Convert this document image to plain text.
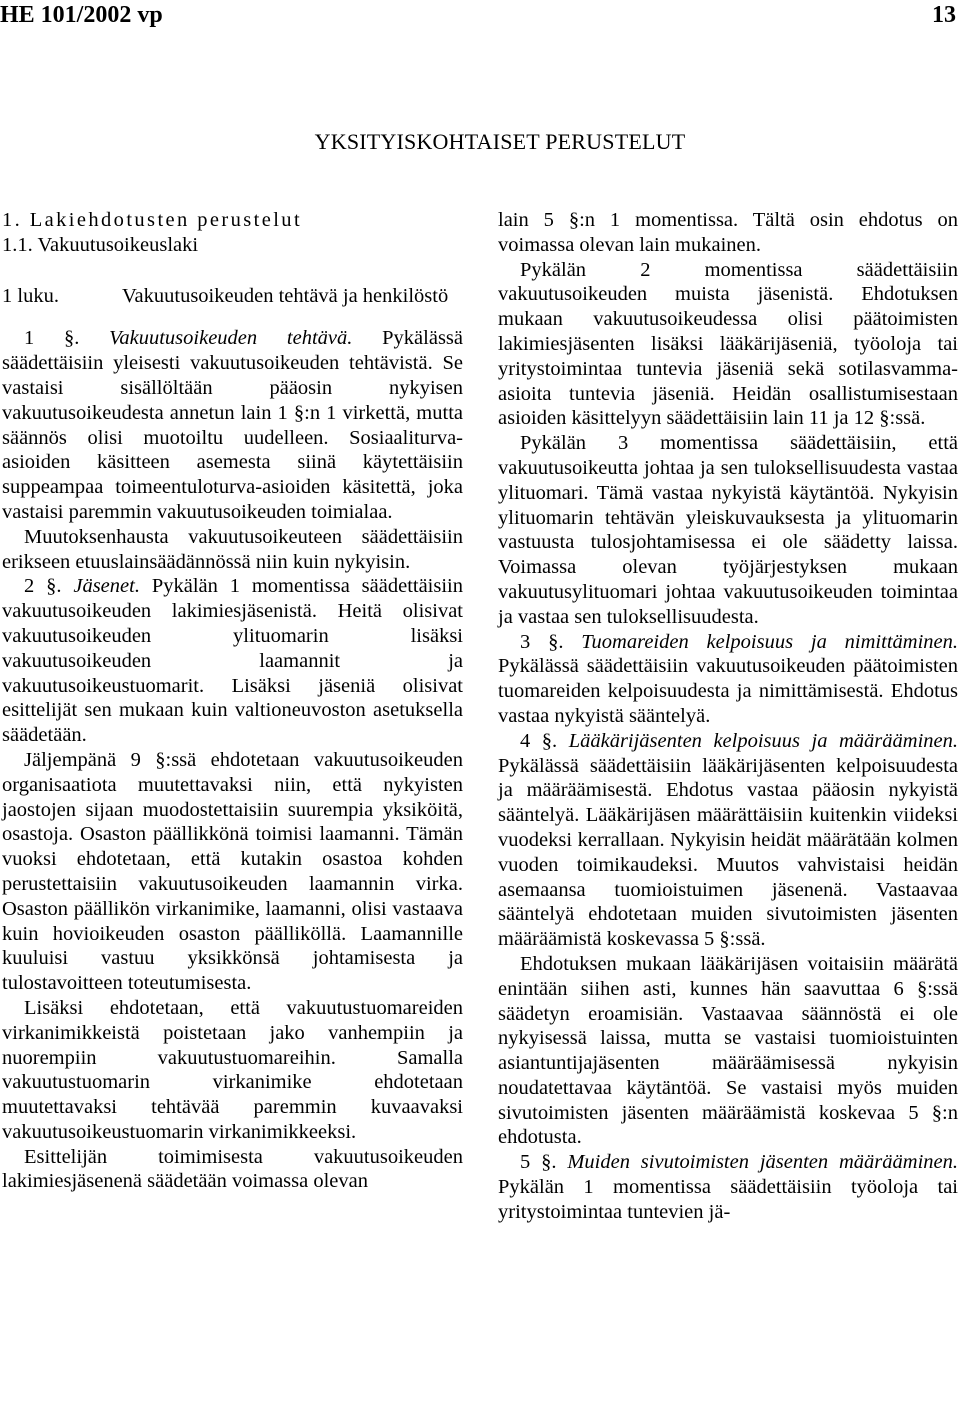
HE 101/2002 vp	13
YKSITYISKOHTAISET PERUSTELUT

1. Lakiehdotusten perustelut

1.1. Vakuutusoikeuslaki

1 luku.	Vakuutusoikeuden tehtävä ja henkilöstö

1 §. Vakuutusoikeuden tehtävä. Pykälässä säädettäisiin yleisesti vakuutusoikeuden tehtävistä. Se vastaisi sisällöltään pääosin nykyisen vakuutusoikeudesta annetun lain 1 §:n 1 virkettä, mutta säännös olisi muotoiltu uudelleen. Sosiaaliturva-asioiden käsitteen asemesta siinä käytettäisiin suppeampaa toimeentuloturva-asioiden käsitettä, joka vastaisi paremmin vakuutusoikeuden toimialaa.

Muutoksenhausta vakuutusoikeuteen säädettäisiin erikseen etuuslainsäädännössä niin kuin nykyisin.

2 §. Jäsenet. Pykälän 1 momentissa säädettäisiin vakuutusoikeuden lakimiesjäsenistä. Heitä olisivat vakuutusoikeuden ylituomarin lisäksi vakuutusoikeuden laamannit ja vakuutusoikeustuomarit. Lisäksi jäseniä olisivat esittelijät sen mukaan kuin valtioneuvoston asetuksella säädetään.

Jäljempänä 9 §:ssä ehdotetaan vakuutusoikeuden organisaatiota muutettavaksi niin, että nykyisten jaostojen sijaan muodostettaisiin suurempia yksiköitä, osastoja. Osaston päällikkönä toimisi laamanni. Tämän vuoksi ehdotetaan, että kutakin osastoa kohden perustettaisiin vakuutusoikeuden laamannin virka. Osaston päällikön virkanimike, laamanni, olisi vastaava kuin hovioikeuden osaston päälliköllä. Laamannille kuuluisi vastuu yksikkönsä johtamisesta ja tulostavoitteen toteutumisesta.

Lisäksi ehdotetaan, että vakuutustuomareiden virkanimikkeistä poistetaan jako vanhempiin ja nuorempiin vakuutustuomareihin. Samalla vakuutustuomarin virkanimike ehdotetaan muutettavaksi tehtävää paremmin kuvaavaksi vakuutusoikeustuomarin virkanimikkeeksi.

Esittelijän toimimisesta vakuutusoikeuden lakimiesjäsenenä säädetään voimassa olevan

lain 5 §:n 1 momentissa. Tältä osin ehdotus on voimassa olevan lain mukainen.

Pykälän 2 momentissa säädettäisiin vakuutusoikeuden muista jäsenistä. Ehdotuksen mukaan vakuutusoikeudessa olisi päätoimisten lakimiesjäsenten lisäksi lääkärijäseniä, työoloja tai yritystoimintaa tuntevia jäseniä sekä sotilasvamma-asioita tuntevia jäseniä. Heidän osallistumisestaan asioiden käsittelyyn säädettäisiin lain 11 ja 12 §:ssä.

Pykälän 3 momentissa säädettäisiin, että vakuutusoikeutta johtaa ja sen tuloksellisuudesta vastaa ylituomari. Tämä vastaa nykyistä käytäntöä. Nykyisin ylituomarin tehtävän yleiskuvauksesta ja ylituomarin vastuusta tulosjohtamisessa ei ole säädetty laissa. Voimassa olevan työjärjestyksen mukaan vakuutusylituomari johtaa vakuutusoikeuden toimintaa ja vastaa sen tuloksellisuudesta.

3 §. Tuomareiden kelpoisuus ja nimittäminen. Pykälässä säädettäisiin vakuutusoikeuden päätoimisten tuomareiden kelpoisuudesta ja nimittämisestä. Ehdotus vastaa nykyistä sääntelyä.

4 §. Lääkärijäsenten kelpoisuus ja määrääminen. Pykälässä säädettäisiin lääkärijäsenten kelpoisuudesta ja määräämisestä. Ehdotus vastaa pääosin nykyistä sääntelyä. Lääkärijäsen määrättäisiin kuitenkin viideksi vuodeksi kerrallaan. Nykyisin heidät määrätään kolmen vuoden toimikaudeksi. Muutos vahvistaisi heidän asemaansa tuomioistuimen jäsenenä. Vastaavaa sääntelyä ehdotetaan muiden sivutoimisten jäsenten määräämistä koskevassa 5 §:ssä.

Ehdotuksen mukaan lääkärijäsen voitaisiin määrätä enintään siihen asti, kunnes hän saavuttaa 6 §:ssä säädetyn eroamisiän. Vastaavaa säännöstä ei ole nykyisessä laissa, mutta se vastaisi tuomioistuinten asiantuntijajäsenten määräämisessä nykyisin noudatettavaa käytäntöä. Se vastaisi myös muiden sivutoimisten jäsenten määräämistä koskevaa 5 §:n ehdotusta.

5 §. Muiden sivutoimisten jäsenten määrääminen. Pykälän 1 momentissa säädettäisiin työoloja tai yritystoimintaa tuntevien jä-
